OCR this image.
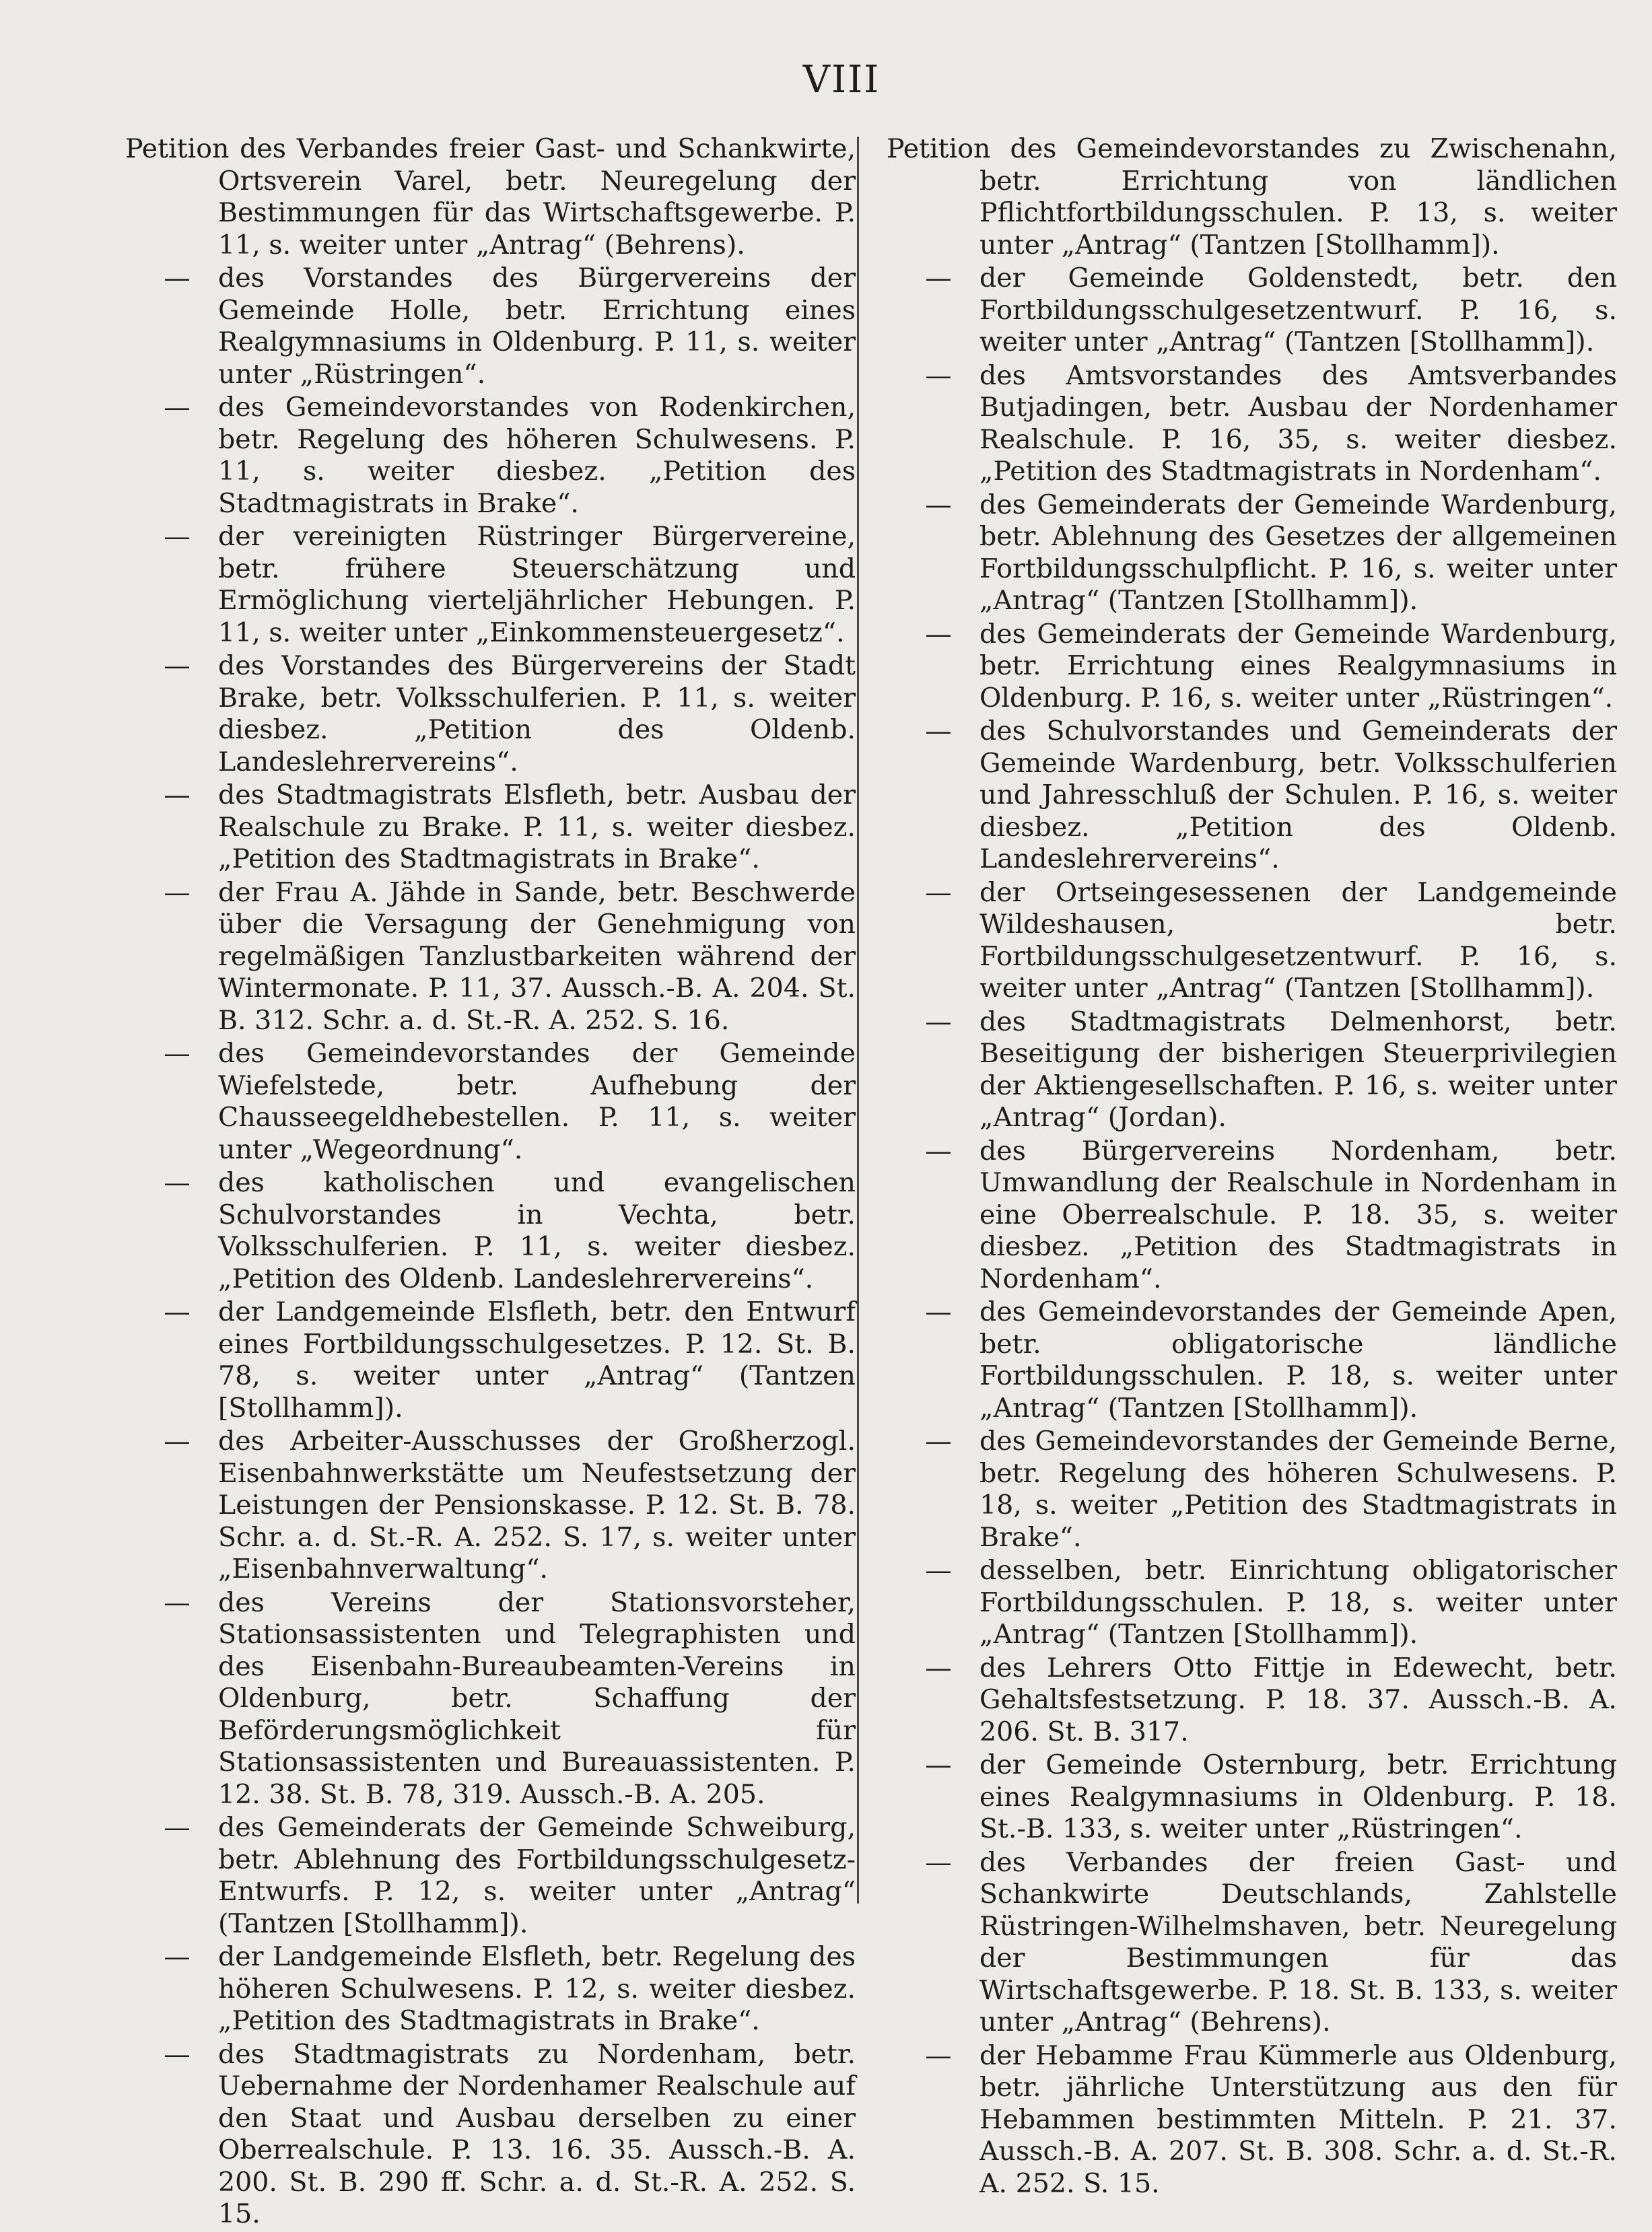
VIII
Petition des Verbandes freier Gast- und Schankwirte, Ortsverein Varel, betr. Neuregelung der Bestimmungen für das Wirtschaftsgewerbe. P. 11, s. weiter unter „Antrag“ (Behrens).
— des Vorstandes des Bürgervereins der Gemeinde Holle, betr. Errichtung eines Realgymnasiums in Oldenburg. P. 11, s. weiter unter „Rüstringen“.
— des Gemeindevorstandes von Rodenkirchen, betr. Regelung des höheren Schulwesens. P. 11, s. weiter diesbez. „Petition des Stadtmagistrats in Brake“.
— der vereinigten Rüstringer Bürgervereine, betr. frühere Steuerschätzung und Ermöglichung vierteljährlicher Hebungen. P. 11, s. weiter unter „Einkommensteuergesetz“.
— des Vorstandes des Bürgervereins der Stadt Brake, betr. Volksschulferien. P. 11, s. weiter diesbez. „Petition des Oldenb. Landeslehrervereins“.
— des Stadtmagistrats Elsfleth, betr. Ausbau der Realschule zu Brake. P. 11, s. weiter diesbez. „Petition des Stadtmagistrats in Brake“.
— der Frau A. Jähde in Sande, betr. Beschwerde über die Versagung der Genehmigung von regelmäßigen Tanzlustbarkeiten während der Wintermonate. P. 11, 37. Aussch.-B. A. 204. St. B. 312. Schr. a. d. St.-R. A. 252. S. 16.
— des Gemeindevorstandes der Gemeinde Wiefelstede, betr. Aufhebung der Chausseegeldhebestellen. P. 11, s. weiter unter „Wegeordnung“.
— des katholischen und evangelischen Schulvorstandes in Vechta, betr. Volksschulferien. P. 11, s. weiter diesbez. „Petition des Oldenb. Landeslehrervereins“.
— der Landgemeinde Elsfleth, betr. den Entwurf eines Fortbildungsschulgesetzes. P. 12. St. B. 78, s. weiter unter „Antrag“ (Tantzen [Stollhamm]).
— des Arbeiter-Ausschusses der Großherzogl. Eisenbahnwerkstätte um Neufestsetzung der Leistungen der Pensionskasse. P. 12. St. B. 78. Schr. a. d. St.-R. A. 252. S. 17, s. weiter unter „Eisenbahnverwaltung“.
— des Vereins der Stationsvorsteher, Stationsassistenten und Telegraphisten und des Eisenbahn-Bureaubeamten-Vereins in Oldenburg, betr. Schaffung der Beförderungsmöglichkeit für Stationsassistenten und Bureauassistenten. P. 12. 38. St. B. 78, 319. Aussch.-B. A. 205.
— des Gemeinderats der Gemeinde Schweiburg, betr. Ablehnung des Fortbildungsschulgesetz-Entwurfs. P. 12, s. weiter unter „Antrag“ (Tantzen [Stollhamm]).
— der Landgemeinde Elsfleth, betr. Regelung des höheren Schulwesens. P. 12, s. weiter diesbez. „Petition des Stadtmagistrats in Brake“.
— des Stadtmagistrats zu Nordenham, betr. Uebernahme der Nordenhamer Realschule auf den Staat und Ausbau derselben zu einer Oberrealschule. P. 13. 16. 35. Aussch.-B. A. 200. St. B. 290 ff. Schr. a. d. St.-R. A. 252. S. 15.
Petition des Gemeindevorstandes zu Zwischenahn, betr. Errichtung von ländlichen Pflichtfortbildungsschulen. P. 13, s. weiter unter „Antrag“ (Tantzen [Stollhamm]).
— der Gemeinde Goldenstedt, betr. den Fortbildungsschulgesetzentwurf. P. 16, s. weiter unter „Antrag“ (Tantzen [Stollhamm]).
— des Amtsvorstandes des Amtsverbandes Butjadingen, betr. Ausbau der Nordenhamer Realschule. P. 16, 35, s. weiter diesbez. „Petition des Stadtmagistrats in Nordenham“.
— des Gemeinderats der Gemeinde Wardenburg, betr. Ablehnung des Gesetzes der allgemeinen Fortbildungsschulpflicht. P. 16, s. weiter unter „Antrag“ (Tantzen [Stollhamm]).
— des Gemeinderats der Gemeinde Wardenburg, betr. Errichtung eines Realgymnasiums in Oldenburg. P. 16, s. weiter unter „Rüstringen“.
— des Schulvorstandes und Gemeinderats der Gemeinde Wardenburg, betr. Volksschulferien und Jahresschluß der Schulen. P. 16, s. weiter diesbez. „Petition des Oldenb. Landeslehrervereins“.
— der Ortseingesessenen der Landgemeinde Wildeshausen, betr. Fortbildungsschulgesetzentwurf. P. 16, s. weiter unter „Antrag“ (Tantzen [Stollhamm]).
— des Stadtmagistrats Delmenhorst, betr. Beseitigung der bisherigen Steuerprivilegien der Aktiengesellschaften. P. 16, s. weiter unter „Antrag“ (Jordan).
— des Bürgervereins Nordenham, betr. Umwandlung der Realschule in Nordenham in eine Oberrealschule. P. 18. 35, s. weiter diesbez. „Petition des Stadtmagistrats in Nordenham“.
— des Gemeindevorstandes der Gemeinde Apen, betr. obligatorische ländliche Fortbildungsschulen. P. 18, s. weiter unter „Antrag“ (Tantzen [Stollhamm]).
— des Gemeindevorstandes der Gemeinde Berne, betr. Regelung des höheren Schulwesens. P. 18, s. weiter „Petition des Stadtmagistrats in Brake“.
— desselben, betr. Einrichtung obligatorischer Fortbildungsschulen. P. 18, s. weiter unter „Antrag“ (Tantzen [Stollhamm]).
— des Lehrers Otto Fittje in Edewecht, betr. Gehaltsfestsetzung. P. 18. 37. Aussch.-B. A. 206. St. B. 317.
— der Gemeinde Osternburg, betr. Errichtung eines Realgymnasiums in Oldenburg. P. 18. St.-B. 133, s. weiter unter „Rüstringen“.
— des Verbandes der freien Gast- und Schankwirte Deutschlands, Zahlstelle Rüstringen-Wilhelmshaven, betr. Neuregelung der Bestimmungen für das Wirtschaftsgewerbe. P. 18. St. B. 133, s. weiter unter „Antrag“ (Behrens).
— der Hebamme Frau Kümmerle aus Oldenburg, betr. jährliche Unterstützung aus den für Hebammen bestimmten Mitteln. P. 21. 37. Aussch.-B. A. 207. St. B. 308. Schr. a. d. St.-R. A. 252. S. 15.
